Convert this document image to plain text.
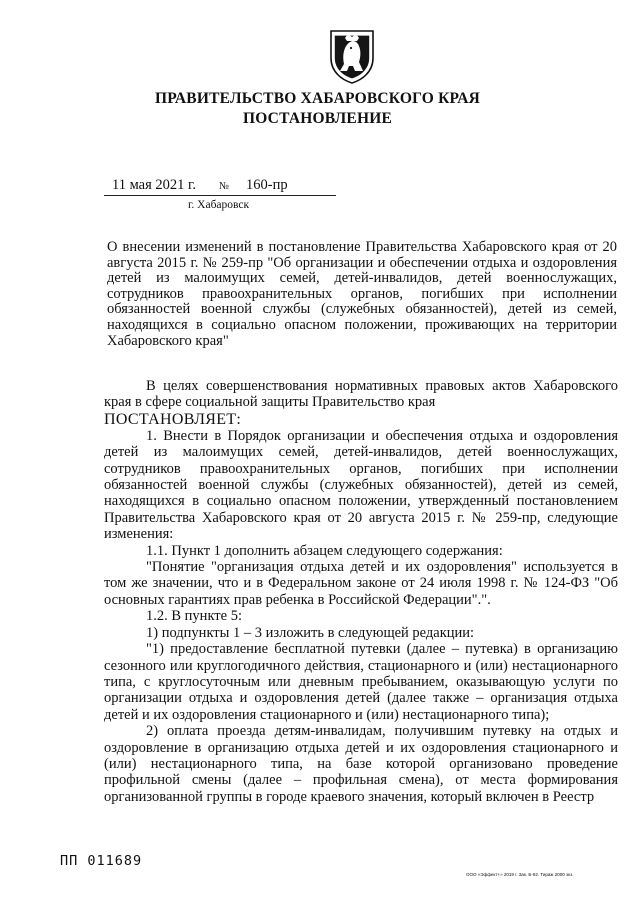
ПРАВИТЕЛЬСТВО ХАБАРОВСКОГО КРАЯ
ПОСТАНОВЛЕНИЕ
11 мая 2021 г. № 160-пр
г. Хабаровск

О внесении изменений в постановление Правительства Хабаровского края от 20 августа 2015 г. № 259-пр "Об организации и обеспечении отдыха и оздоровления детей из малоимущих семей, детей-инвалидов, детей военнослужащих, сотрудников правоохранительных органов, погибших при исполнении обязанностей военной службы (служебных обязанностей), детей из семей, находящихся в социально опасном положении, проживающих на территории Хабаровского края"

В целях совершенствования нормативных правовых актов Хабаровского края в сфере социальной защиты Правительство края

ПОСТАНОВЛЯЕТ:

1. Внести в Порядок организации и обеспечения отдыха и оздоровления детей из малоимущих семей, детей-инвалидов, детей военнослужащих, сотрудников правоохранительных органов, погибших при исполнении обязанностей военной службы (служебных обязанностей), детей из семей, находящихся в социально опасном положении, утвержденный постановлением Правительства Хабаровского края от 20 августа 2015 г. № 259-пр, следующие изменения:

1.1. Пункт 1 дополнить абзацем следующего содержания:

"Понятие "организация отдыха детей и их оздоровления" используется в том же значении, что и в Федеральном законе от 24 июля 1998 г. № 124-ФЗ "Об основных гарантиях прав ребенка в Российской Федерации".".

1.2. В пункте 5:

1) подпункты 1 – 3 изложить в следующей редакции:

"1) предоставление бесплатной путевки (далее – путевка) в организацию сезонного или круглогодичного действия, стационарного и (или) нестационарного типа, с круглосуточным или дневным пребыванием, оказывающую услуги по организации отдыха и оздоровления детей (далее также – организация отдыха детей и их оздоровления стационарного и (или) нестационарного типа);

2) оплата проезда детям-инвалидам, получившим путевку на отдых и оздоровление в организацию отдыха детей и их оздоровления стационарного и (или) нестационарного типа, на базе которой организовано проведение профильной смены (далее – профильная смена), от места формирования организованной группы в городе краевого значения, который включен в Реестр

ПП 011689
ООО «Эффект+» 2019 г. Зак. Б-82. Тираж 2000 экз.
